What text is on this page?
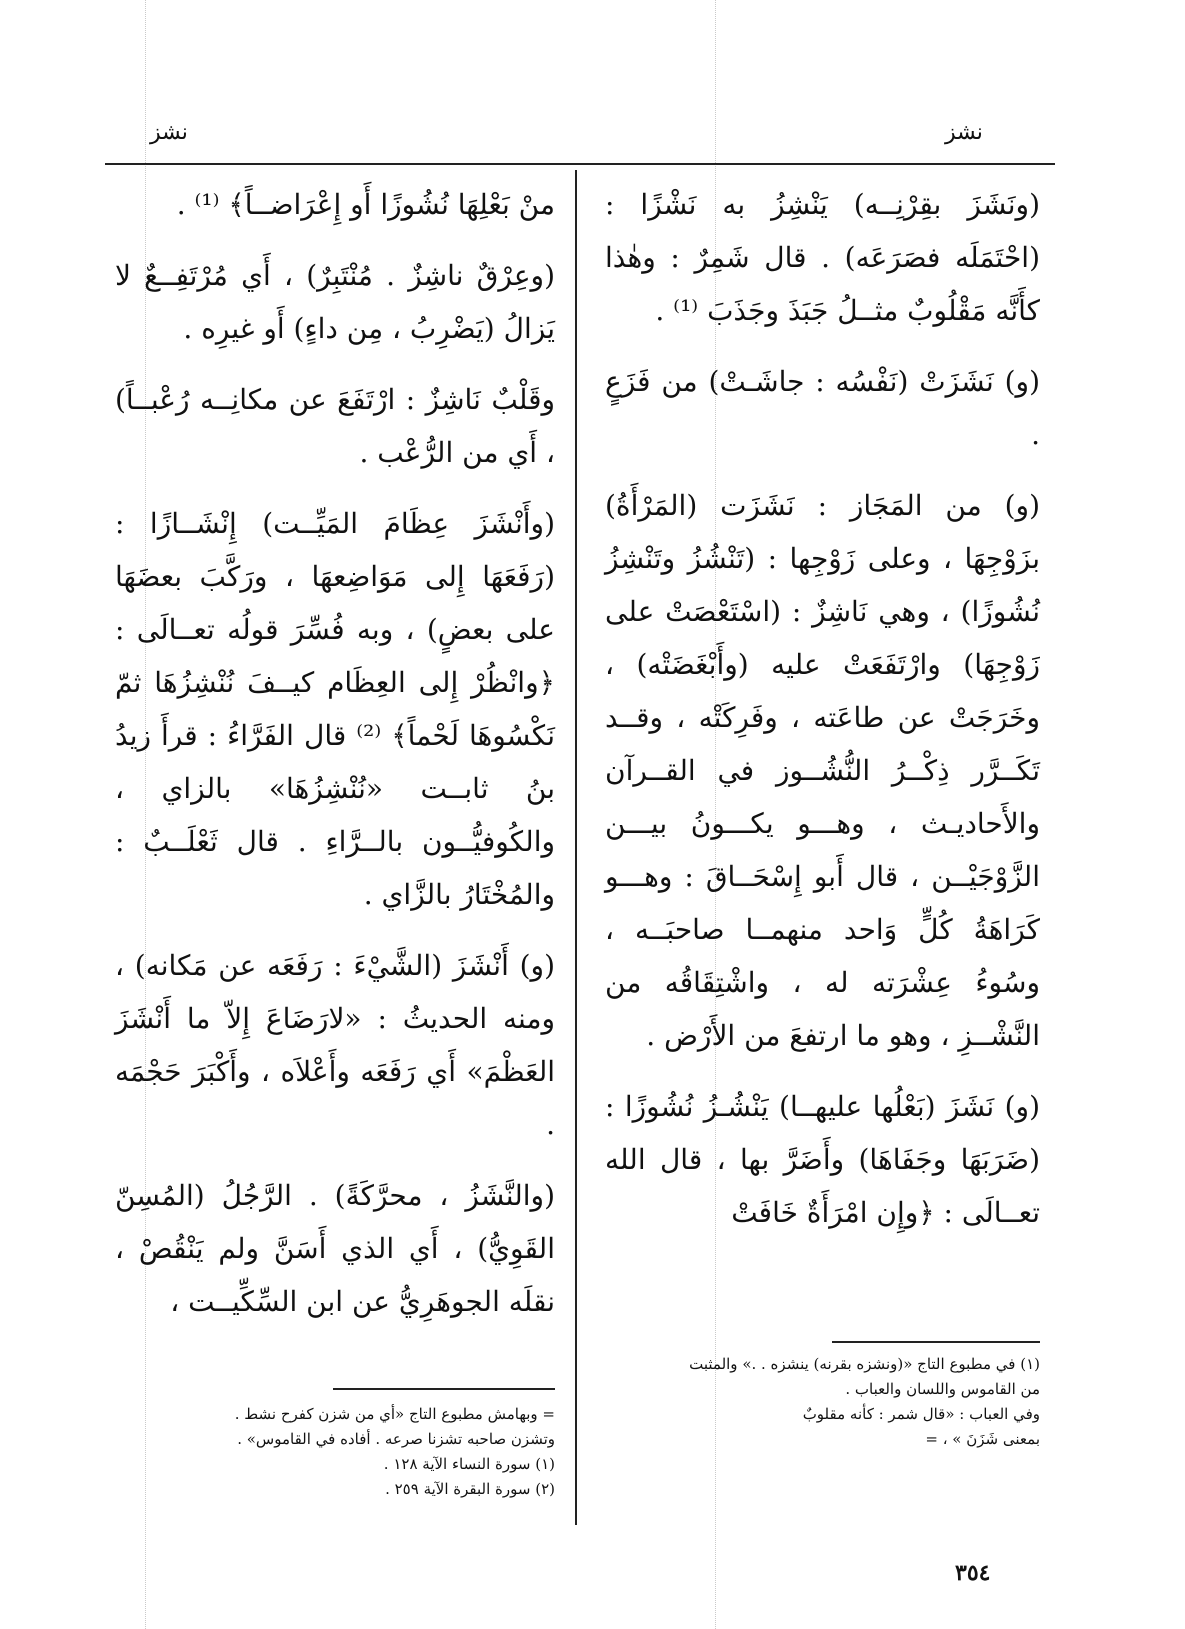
نشز
نشز

(ونَشَزَ بقِرْنِــه) يَنْشِزُ به نَشْزًا : (احْتَمَلَه فصَرَعَه) . قال شَمِرٌ : وهٰذا كأَنَّه مَقْلُوبٌ مثــلُ جَبَذَ وجَذَبَ ⁽¹⁾ .

(و) نَشَزَتْ (نَفْسُه : جاشَـتْ) من فَزَعٍ .

(و) من المَجَاز : نَشَزَت (المَرْأَةُ) بزَوْجِهَا ، وعلى زَوْجِها : (تَنْشُزُ وتَنْشِزُ نُشُوزًا) ، وهي نَاشِزٌ : (اسْتَعْصَتْ على زَوْجِهَا) وارْتَفَعَتْ عليه (وأَبْغَضَتْه) ، وخَرَجَتْ عن طاعَته ، وفَرِكَتْه ، وقــد تَكَــرَّر ذِكْــرُ النُّشُــوز في القــرآن والأَحاديـث ، وهـــو يكـــونُ بيـــن الزَّوْجَيْــن ، قال أَبو إِسْحَــاقَ : وهـــو كَرَاهَةُ كُلٍّ وَاحد منهمــا صاحبَــه ، وسُوءُ عِشْرَته له ، واشْتِقَاقُه من النَّشْــزِ ، وهو ما ارتفعَ من الأَرْض .

(و) نَشَزَ (بَعْلُها عليهــا) يَنْشُـزُ نُشُوزًا : (ضَرَبَهَا وجَفَاهَا) وأَضَرَّ بها ، قال الله تعــالَى : ﴿وإِن امْرَأَةٌ خَافَتْ

منْ بَعْلِهَا نُشُوزًا أَو إِعْرَاضــاً﴾ ⁽¹⁾ .

(وعِرْقٌ ناشِزٌ . مُنْتَبِرٌ) ، أَي مُرْتَفِــعٌ لا يَزالُ (يَضْرِبُ ، مِن داءٍ) أَو غيرِه .

وقَلْبٌ نَاشِزٌ : ارْتَفَعَ عن مكانِــه رُعْبــاً) ، أَي من الرُّعْب .

(وأَنْشَزَ عِظَامَ المَيِّــت) إِنْشَــازًا : (رَفَعَهَا إِلى مَوَاضِعهَا ، ورَكَّبَ بعضَهَا على بعضٍ) ، وبه فُسِّرَ قولُه تعــالَى : ﴿وانْظُرْ إِلى العِظَام كيــفَ نُنْشِزُهَا ثمّ نَكْسُوهَا لَحْماً﴾ ⁽²⁾ قال الفَرَّاءُ : قرأَ زيدُ بنُ ثابــت «نُنْشِزُهَا» بالزاي ، والكُوفيُّــون بالــرَّاءِ . قال ثَعْلَــبٌ : والمُخْتَارُ بالزَّاي .

(و) أَنْشَزَ (الشَّيْءَ : رَفَعَه عن مَكانه) ، ومنه الحديثُ : «لارَضَاعَ إِلاّ ما أَنْشَزَ العَظْمَ» أَي رَفَعَه وأَعْلاَه ، وأَكْبَرَ حَجْمَه .

(والنَّشَزُ ، محرَّكَةً) . الرَّجُلُ (المُسِنّ القَوِيُّ) ، أَي الذي أَسَنَّ ولم يَنْقُصْ ، نقلَه الجوهَرِيُّ عن ابن السِّكِّيــت ،

(١) في مطبوع التاج «(ونشزه بقرنه) ينشزه . .» والمثبت
من القاموس واللسان والعباب .
وفي العباب : «قال شمر : كأنه مقلوبٌ
بمعنى شَزَنَ » ، =
= وبهامش مطبوع التاج «أي من شزن كفرح نشط .
وتشزن صاحبه تشزنا صرعه . أفاده في القاموس» .
(١) سورة النساء الآية ١٢٨ .
(٢) سورة البقرة الآية ٢٥٩ .
٣٥٤
